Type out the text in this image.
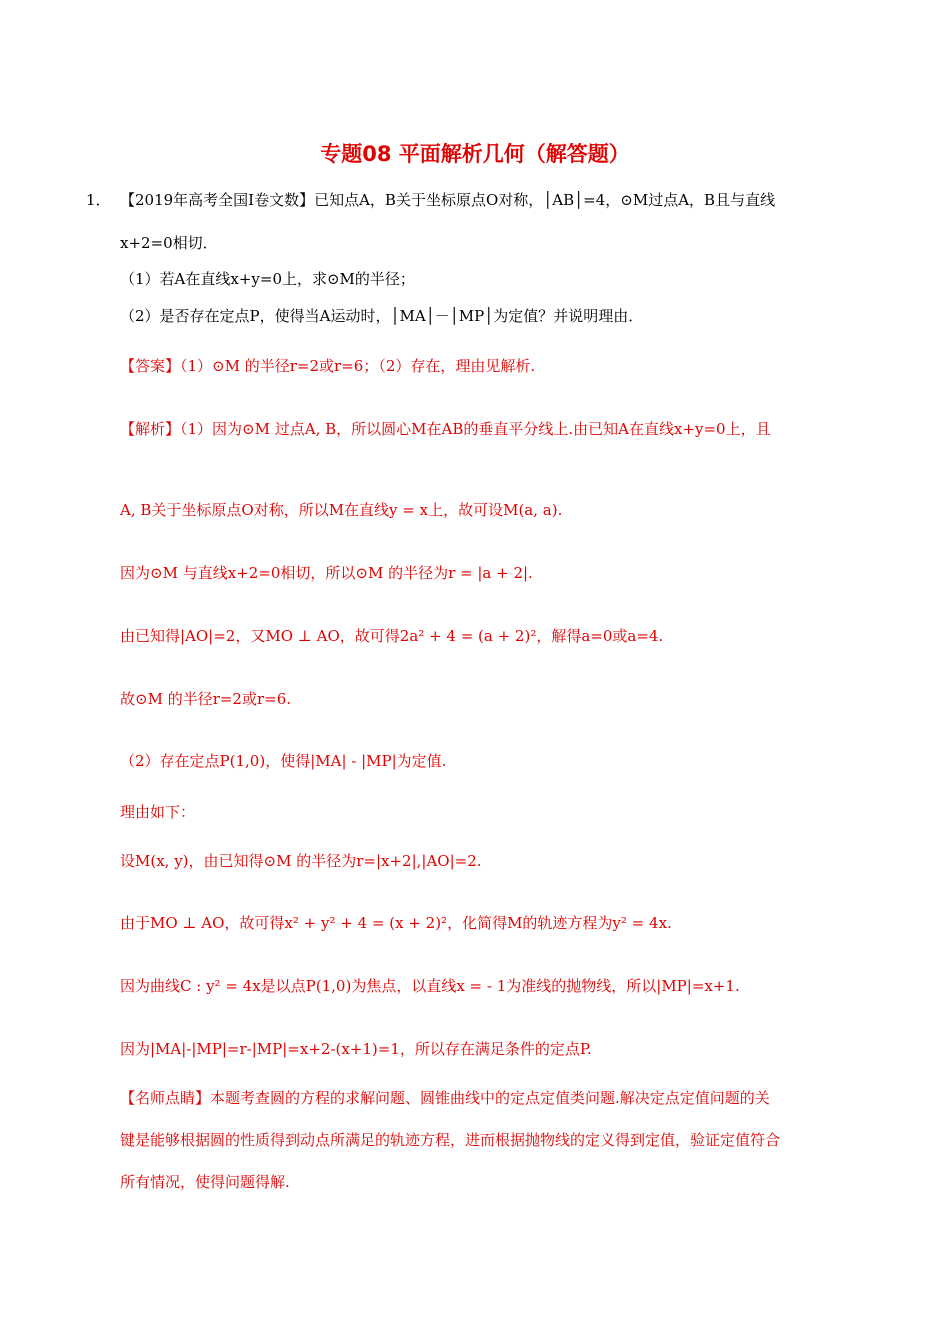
专题08 平面解析几何（解答题）
1． 【2019年高考全国Ⅰ卷文数】已知点A，B关于坐标原点O对称，│AB│=4，⊙M过点A，B且与直线
x+2=0相切．
（1）若A在直线x+y=0上，求⊙M的半径；
（2）是否存在定点P，使得当A运动时，│MA│－│MP│为定值？并说明理由．
【答案】（1）⊙M 的半径r=2或r=6；（2）存在，理由见解析.
【解析】（1）因为⊙M 过点A, B，所以圆心M在AB的垂直平分线上.由已知A在直线x+y=0上，且
A, B关于坐标原点O对称，所以M在直线y = x上，故可设M(a, a).
因为⊙M 与直线x+2=0相切，所以⊙M 的半径为r = |a + 2|.
由已知得|AO|=2，又MO ⊥ AO，故可得2a² + 4 = (a + 2)²，解得a=0或a=4.
故⊙M 的半径r=2或r=6.
（2）存在定点P(1,0)，使得|MA| - |MP|为定值.
理由如下：
设M(x, y)，由已知得⊙M 的半径为r=|x+2|,|AO|=2.
由于MO ⊥ AO，故可得x² + y² + 4 = (x + 2)²，化简得M的轨迹方程为y² = 4x.
因为曲线C : y² = 4x是以点P(1,0)为焦点，以直线x = - 1为准线的抛物线，所以|MP|=x+1.
因为|MA|-|MP|=r-|MP|=x+2-(x+1)=1，所以存在满足条件的定点P.
【名师点睛】本题考查圆的方程的求解问题、圆锥曲线中的定点定值类问题.解决定点定值问题的关
键是能够根据圆的性质得到动点所满足的轨迹方程，进而根据抛物线的定义得到定值，验证定值符合
所有情况，使得问题得解.
